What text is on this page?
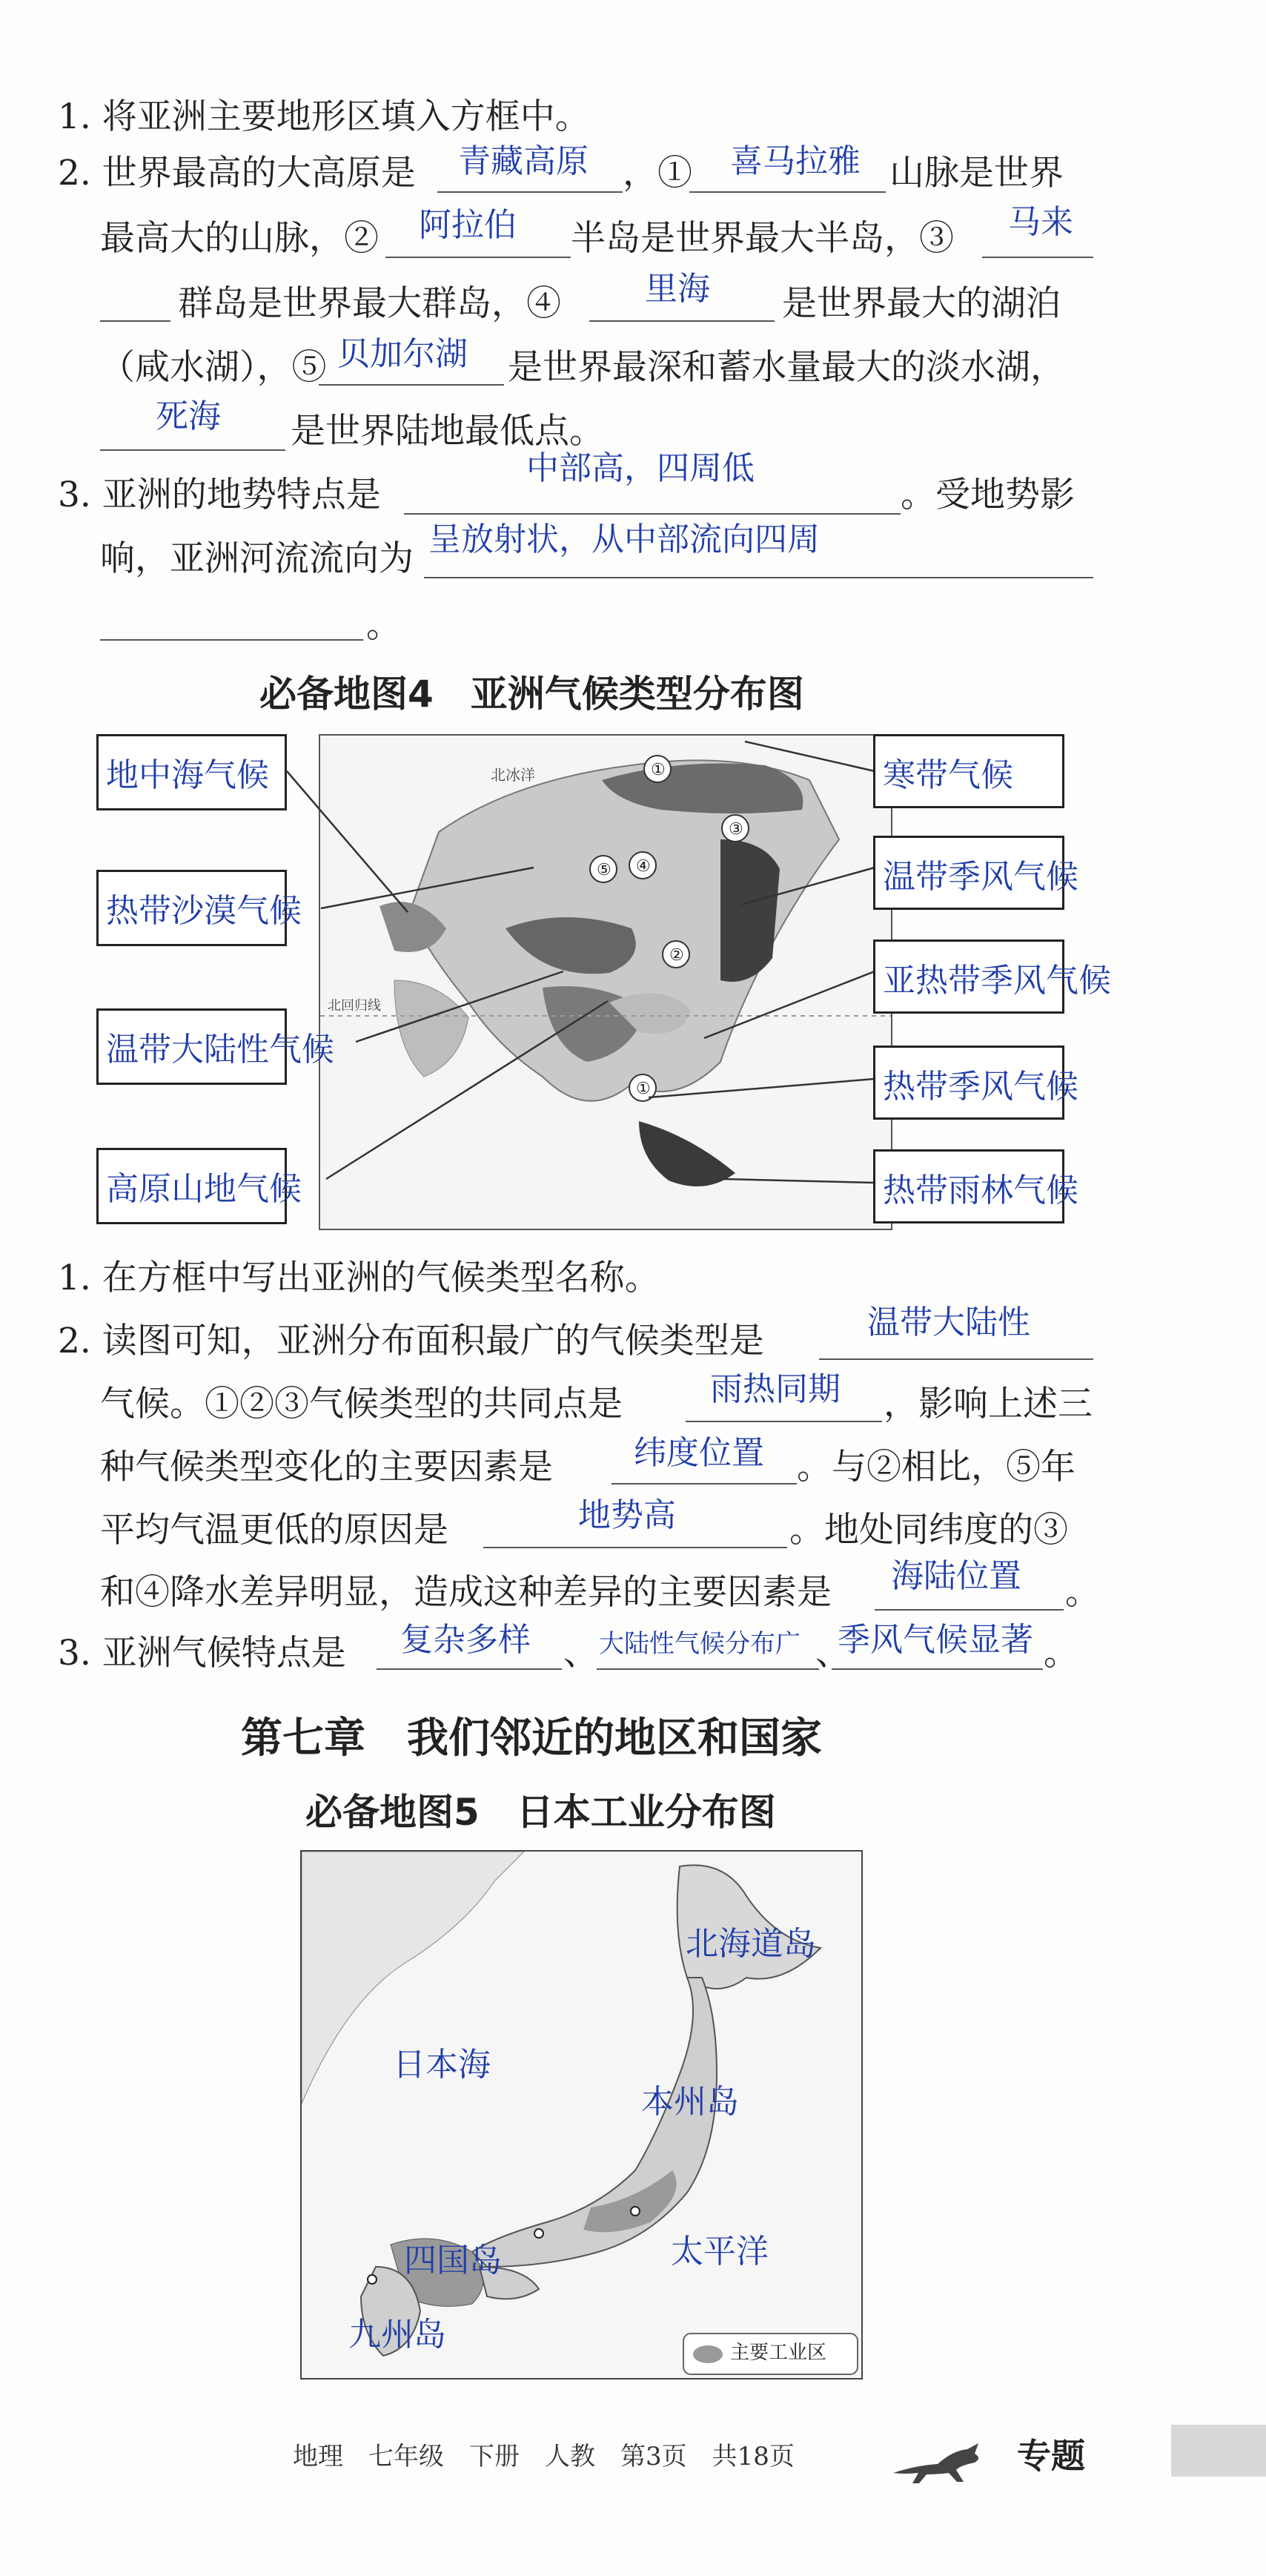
1. 将亚洲主要地形区填入方框中。
2. 世界最高的大高原是 青藏高原 ，① 喜马拉雅 山脉是世界
最高大的山脉，② 阿拉伯 半岛是世界最大半岛，③ 马来
群岛是世界最大群岛，④	里海 是世界最大的湖泊
（咸水湖），⑤ 贝加尔湖 是世界最深和蓄水量最大的淡水湖，
死海 是世界陆地最低点。
3. 亚洲的地势特点是
中部高，四周低
。受地势影
响，亚洲河流流向为 呈放射状，从中部流向四周
。
必备地图4　亚洲气候类型分布图
北冰洋
北回归线
①
④
③
⑤
②
①
地中海气候
热带沙漠气候
温带大陆性气候
高原山地气候
寒带气候
温带季风气候
亚热带季风气候
热带季风气候
热带雨林气候
1. 在方框中写出亚洲的气候类型名称。
2. 读图可知，亚洲分布面积最广的气候类型是	温带大陆性
气候。①②③气候类型的共同点是	雨热同期 ，影响上述三
种气候类型变化的主要因素是 纬度位置 。与②相比，⑤年
平均气温更低的原因是	地势高	。地处同纬度的③
和④降水差异明显，造成这种差异的主要因素是 海陆位置 。
3. 亚洲气候特点是 复杂多样 、 大陆性气候分布广 、
季风气候显著 。
第七章　我们邻近的地区和国家
必备地图5　日本工业分布图
北海道岛
日本海
本州岛
太平洋
四国岛
九州岛	主要工业区
地理　七年级　下册　人教　第3页　共18页	专题
